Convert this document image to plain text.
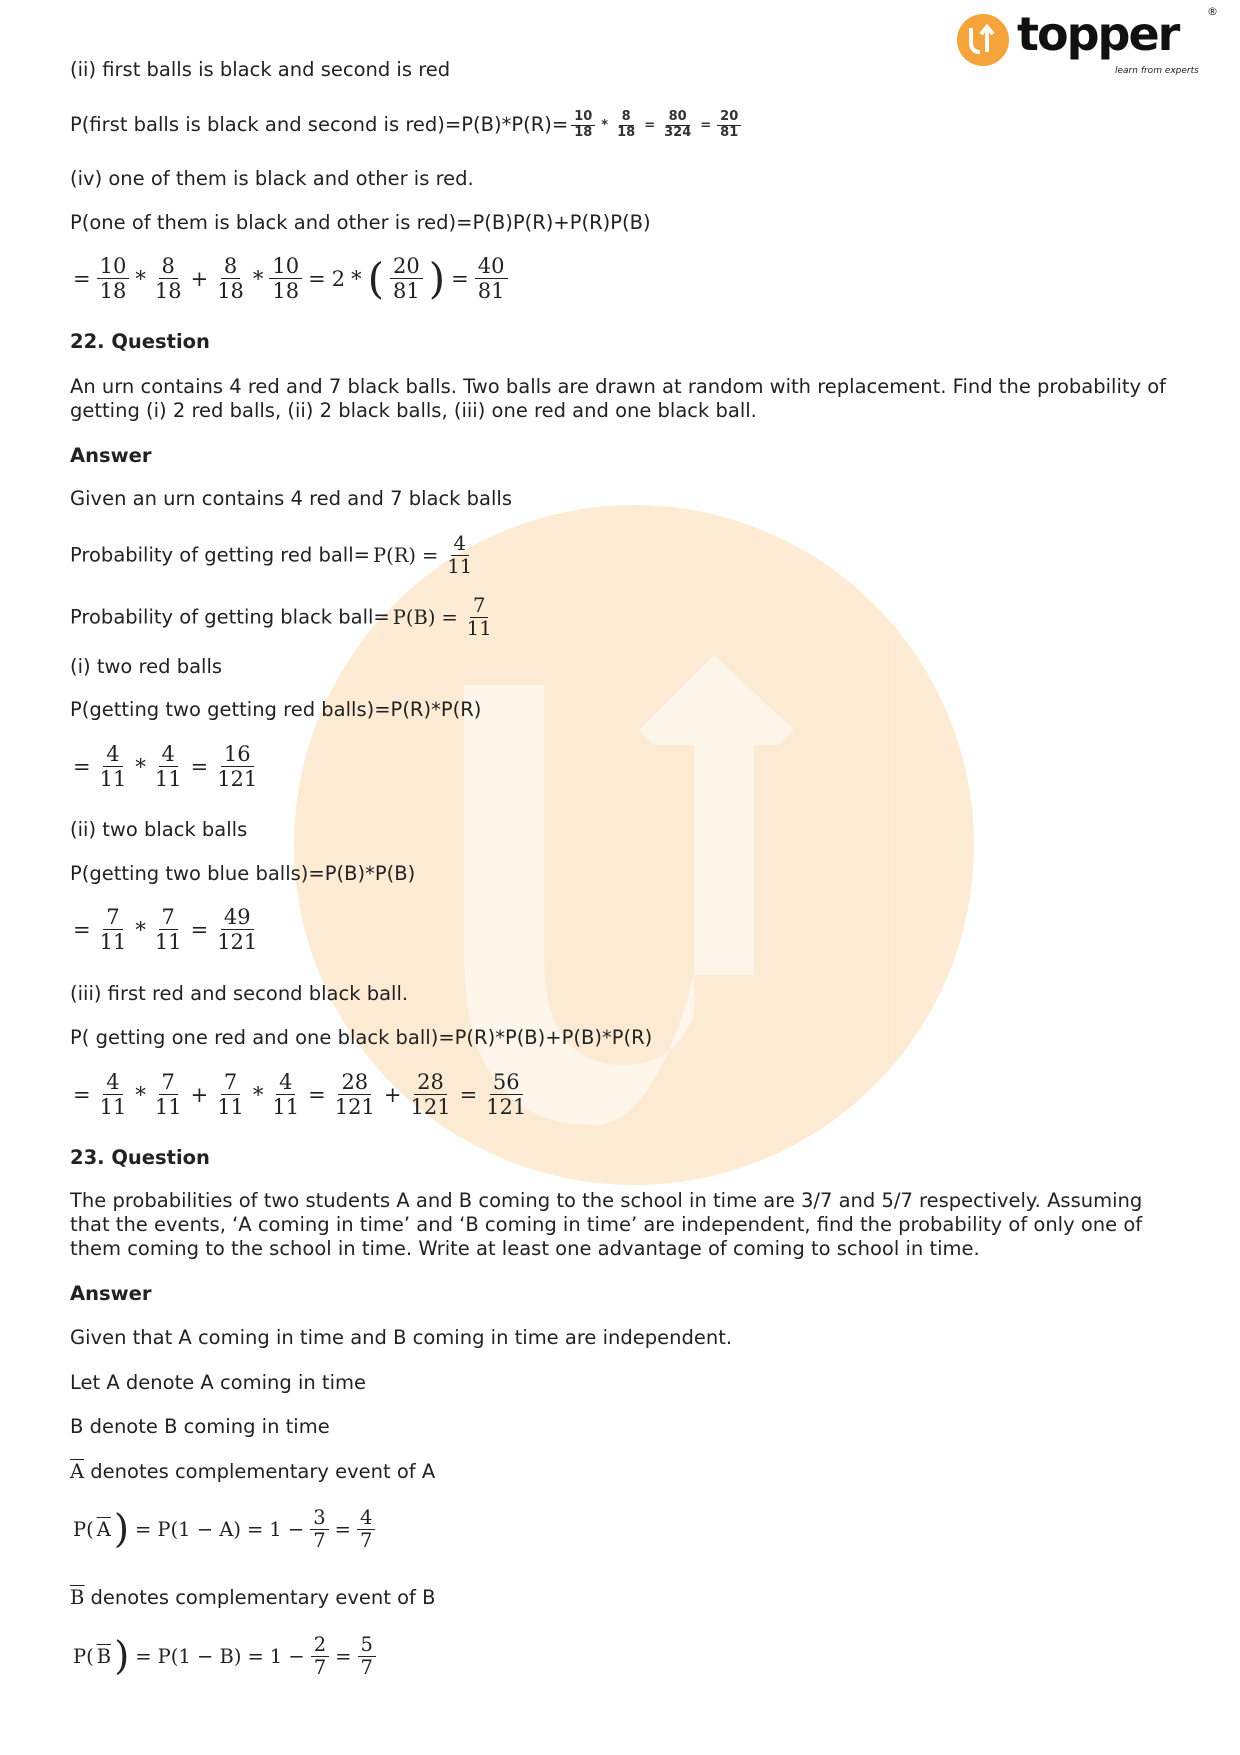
topper	®
learn from experts
(ii) first balls is black and second is red
P(first balls is black and second is $red)=P(B)*P(R)= \frac{10}{18} * \frac{8}{18} = \frac{80}{324} = \frac{20}{81}$
(iv) one of them is black and other is red.
P(one of them is black and other is red)=P(B)P(R)+P(R)P(B)
= $\frac{10}{18} * \frac{8}{18} + \frac{8}{18} * \frac{10}{18} = 2$ * ( $\frac{20}{81}$ ) = $\frac{40}{81}$
22. Question
An urn contains 4 red and 7 black balls. Two balls are drawn at random with replacement. Find the probability of getting (i) 2 red balls, (ii) 2 black balls, (iii) one red and one black ball.
Answer
Given an urn contains 4 red and 7 black balls
Probability of getting red ball= $P(R) = \frac{4}{11}$
Probability of getting black ball= $P(B) = \frac{7}{11}$
(i) two red balls
P(getting two getting red balls)=P(R)*P(R)
= $\frac{4}{11} * \frac{4}{11} = \frac{16}{121}$
(ii) two black balls
P(getting two blue balls)=P(B)*P(B)
= $\frac{7}{11} * \frac{7}{11} = \frac{49}{121}$
(iii) first red and second black ball.
P( getting one red and one black ball)=P(R)*P(B)+P(B)*P(R)
= $\frac{4}{11} * \frac{7}{11} + \frac{7}{11} * \frac{4}{11} = \frac{28}{121} + \frac{28}{121} = \frac{56}{121}$
23. Question
The probabilities of two students A and B coming to the school in time are 3/7 and 5/7 respectively. Assuming that the events, ‘A coming in time’ and ‘B coming in time’ are independent, find the probability of only one of them coming to the school in time. Write at least one advantage of coming to school in time.
Answer
Given that A coming in time and B coming in time are independent.
Let A denote A coming in time
B denote B coming in time
$\overline{A}$ denotes complementary event of A
P( $\overline{A}$ ) = $P(1 - A) = 1 - \frac{3}{7} = \frac{4}{7}$
$\overline{B}$ denotes complementary event of B
P( $\overline{B}$ ) = $P(1 - B) = 1 - \frac{2}{7} = \frac{5}{7}$
